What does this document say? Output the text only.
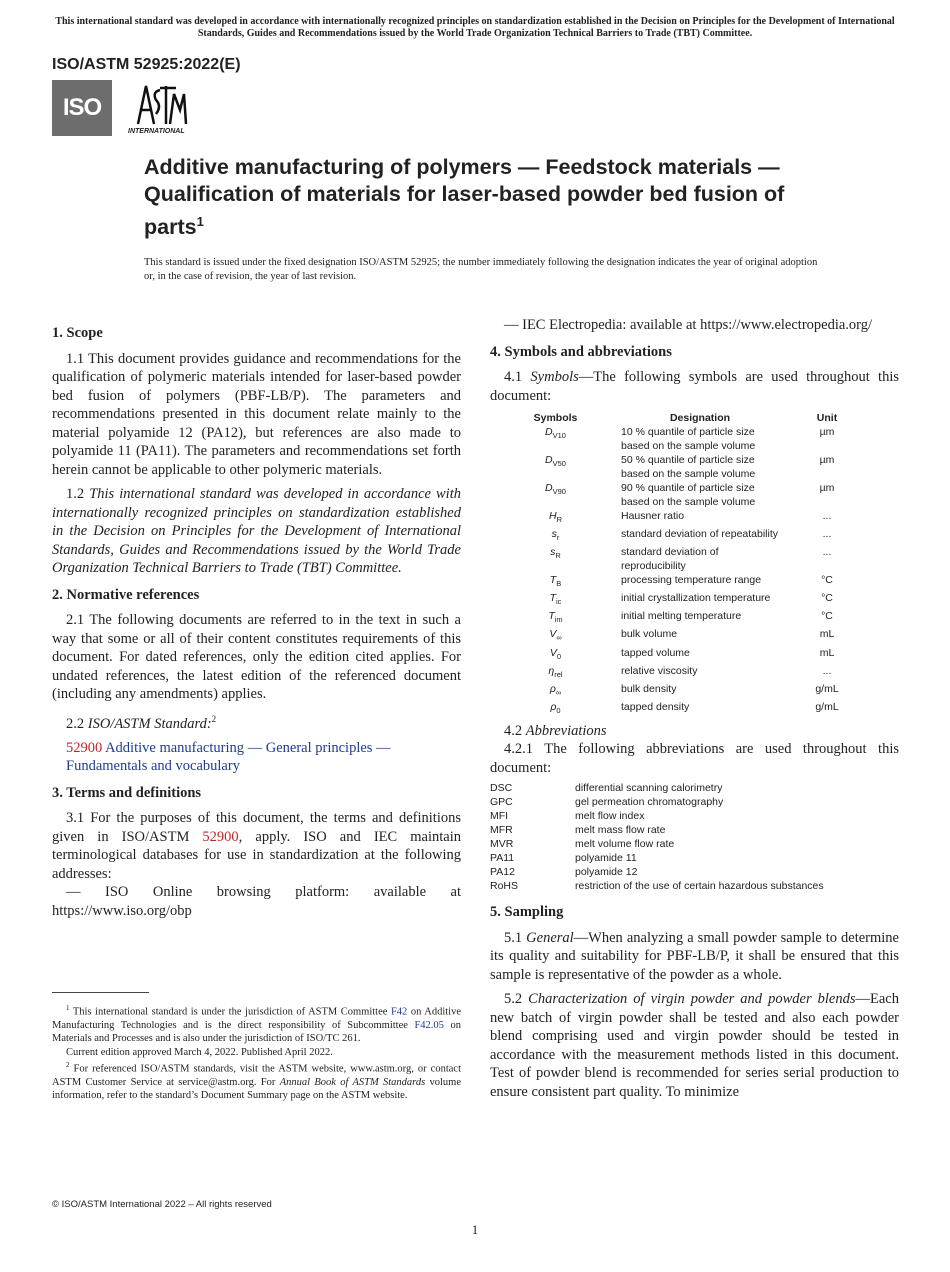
This international standard was developed in accordance with internationally recognized principles on standardization established in the Decision on Principles for the Development of International Standards, Guides and Recommendations issued by the World Trade Organization Technical Barriers to Trade (TBT) Committee.
ISO/ASTM 52925:2022(E)
ISO
INTERNATIONAL
Additive manufacturing of polymers — Feedstock materials — Qualification of materials for laser-based powder bed fusion of parts$^1$
This standard is issued under the fixed designation ISO/ASTM 52925; the number immediately following the designation indicates the year of original adoption or, in the case of revision, the year of last revision.
1. Scope

1.1 This document provides guidance and recommendations for the qualification of polymeric materials intended for laser-based powder bed fusion of polymers (PBF-LB/P). The parameters and recommendations presented in this document relate mainly to the material polyamide 12 (PA12), but references are also made to polyamide 11 (PA11). The parameters and recommendations set forth herein cannot be applicable to other polymeric materials.

1.2 This international standard was developed in accordance with internationally recognized principles on standardization established in the Decision on Principles for the Development of International Standards, Guides and Recommendations issued by the World Trade Organization Technical Barriers to Trade (TBT) Committee.

2. Normative references

2.1 The following documents are referred to in the text in such a way that some or all of their content constitutes requirements of this document. For dated references, only the edition cited applies. For undated references, the latest edition of the referenced document (including any amendments) applies.

2.2 ISO/ASTM Standard:$^2$

52900 Additive manufacturing — General principles — Fundamentals and vocabulary

3. Terms and definitions

3.1 For the purposes of this document, the terms and definitions given in ISO/ASTM 52900, apply. ISO and IEC maintain terminological databases for use in standardization at the following addresses:

— ISO Online browsing platform: available at https://www.iso.org/obp

$^1$ This international standard is under the jurisdiction of ASTM Committee F42 on Additive Manufacturing Technologies and is the direct responsibility of Subcommittee F42.05 on Materials and Processes and is also under the jurisdiction of ISO/TC 261.

Current edition approved March 4, 2022. Published April 2022.

$^2$ For referenced ISO/ASTM standards, visit the ASTM website, www.astm.org, or contact ASTM Customer Service at service@astm.org. For Annual Book of ASTM Standards volume information, refer to the standard’s Document Summary page on the ASTM website.

— IEC Electropedia: available at https://www.electropedia.org/

4. Symbols and abbreviations

4.1 Symbols—The following symbols are used throughout this document:

Symbols	Designation	Unit
$D_{V10}$	10 % quantile of particle size based on the sample volume	µm
$D_{V50}$	50 % quantile of particle size based on the sample volume	µm
$D_{V90}$	90 % quantile of particle size based on the sample volume	µm
$H_R$	Hausner ratio	...
$s_r$	standard deviation of repeatability	...
$s_R$	standard deviation of reproducibility	...
$T_B$	processing temperature range	°C
$T_{ic}$	initial crystallization temperature	°C
$T_{im}$	initial melting temperature	°C
$V_\infty$	bulk volume	mL
$V_0$	tapped volume	mL
$\eta_{rel}$	relative viscosity	...
$\rho_\infty$	bulk density	g/mL
$\rho_0$	tapped density	g/mL

4.2 Abbreviations

4.2.1 The following abbreviations are used throughout this document:

DSC	differential scanning calorimetry
GPC	gel permeation chromatography
MFI	melt flow index
MFR	melt mass flow rate
MVR	melt volume flow rate
PA11	polyamide 11
PA12	polyamide 12
RoHS	restriction of the use of certain hazardous substances
5. Sampling

5.1 General—When analyzing a small powder sample to determine its quality and suitability for PBF-LB/P, it shall be ensured that this sample is representative of the powder as a whole.

5.2 Characterization of virgin powder and powder blends—Each new batch of virgin powder shall be tested and also each powder blend comprising used and virgin powder should be tested in accordance with the measurement methods listed in this document. Test of powder blend is recommended for series serial production to ensure consistent part quality. To minimize

© ISO/ASTM International 2022 – All rights reserved
1
